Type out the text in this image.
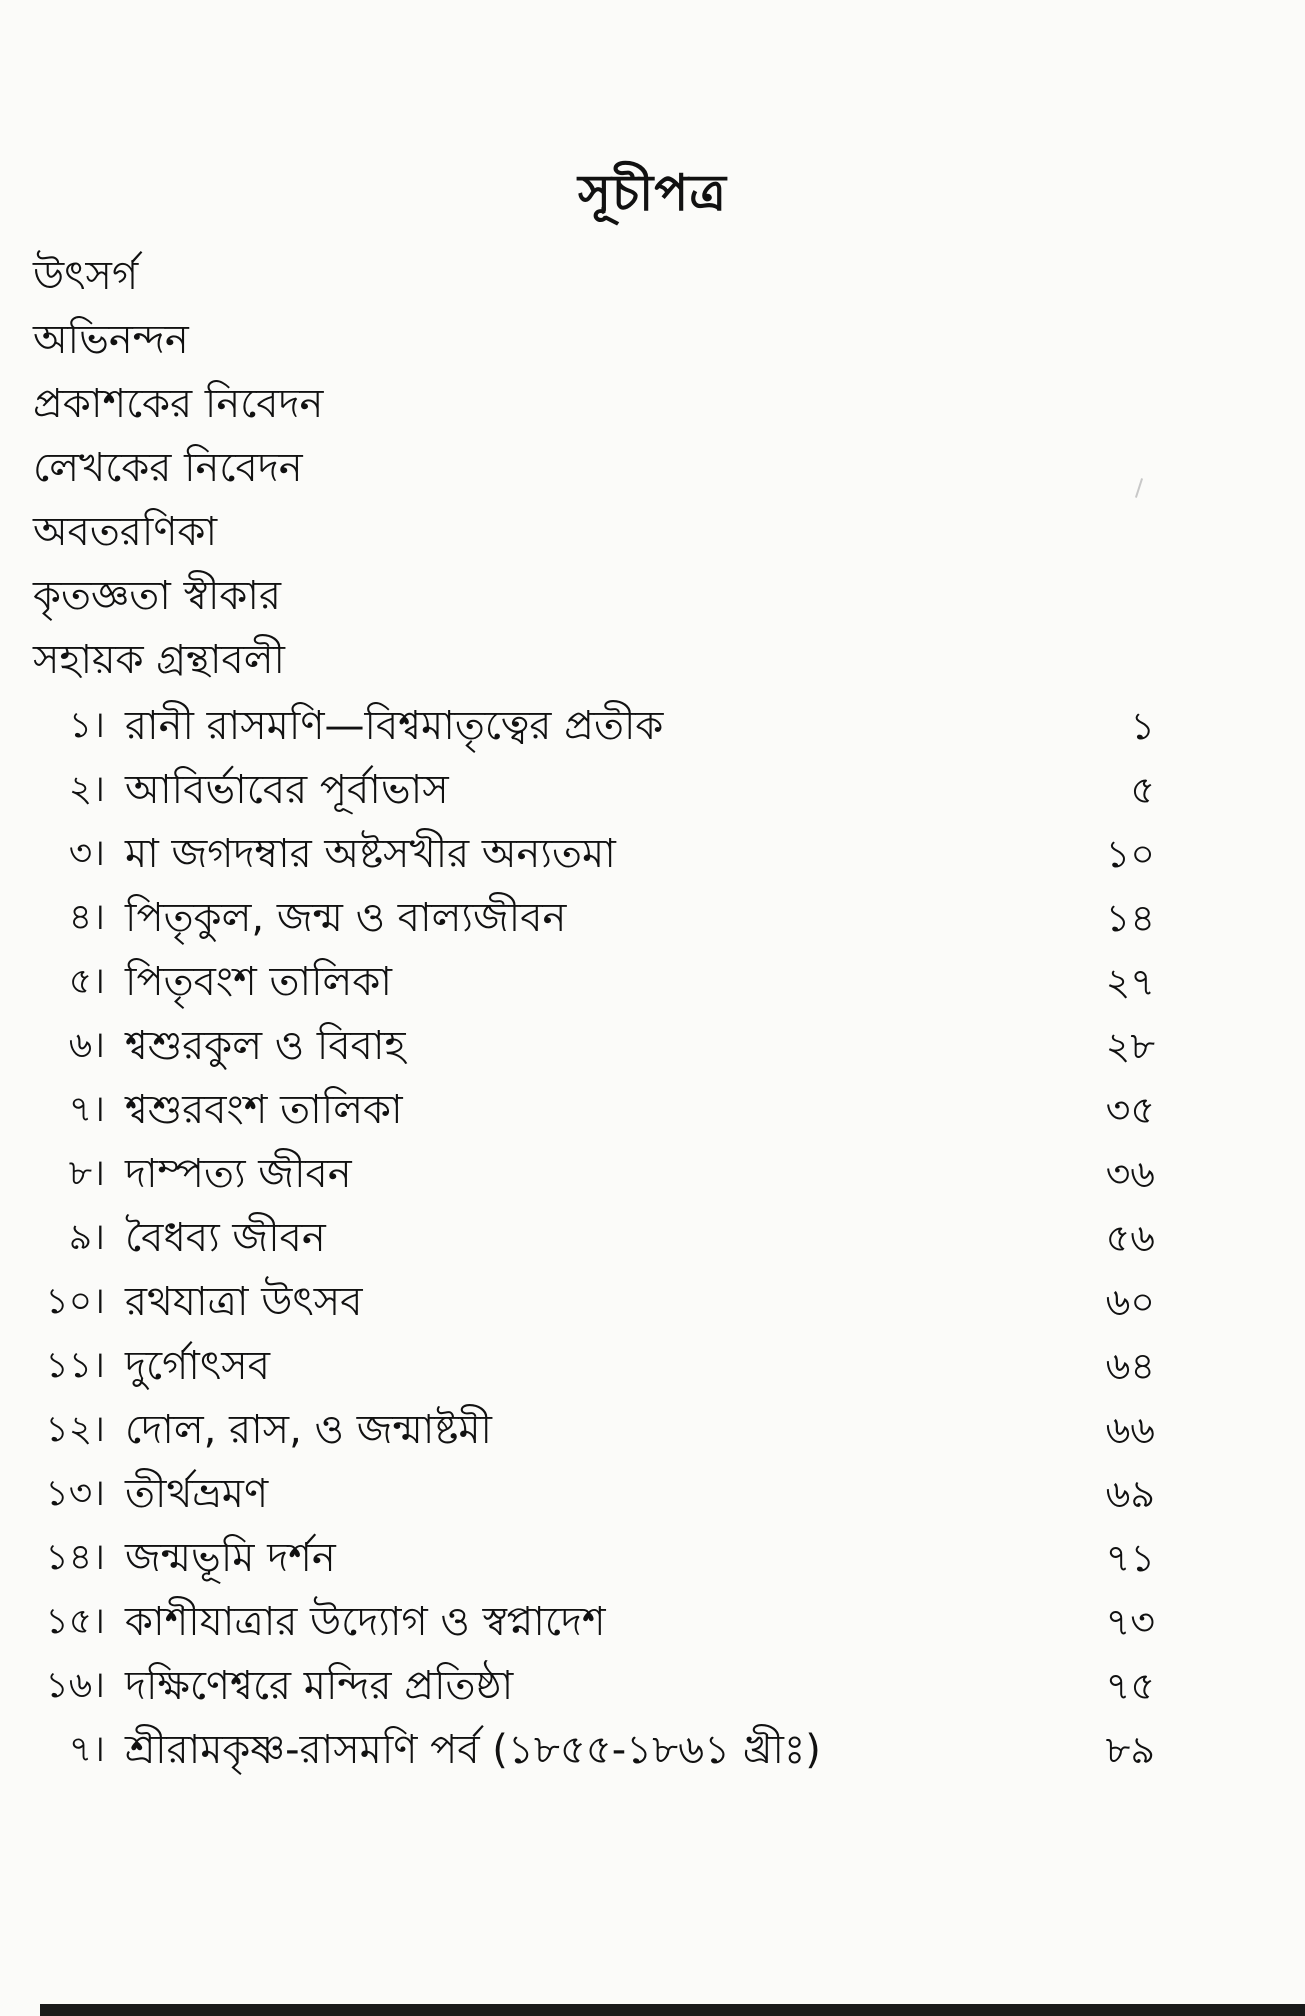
সূচীপত্র
উৎসর্গ
অভিনন্দন
প্রকাশকের নিবেদন
লেখকের নিবেদন
অবতরণিকা
কৃতজ্ঞতা স্বীকার
সহায়ক গ্রন্থাবলী
১। রানী রাসমণি—বিশ্বমাতৃত্বের প্রতীক	১
২। আবির্ভাবের পূর্বাভাস	৫
৩। মা জগদম্বার অষ্টসখীর অন্যতমা	১০
৪। পিতৃকুল, জন্ম ও বাল্যজীবন	১৪
৫। পিতৃবংশ তালিকা	২৭
৬। শ্বশুরকুল ও বিবাহ	২৮
৭। শ্বশুরবংশ তালিকা	৩৫
৮। দাম্পত্য জীবন	৩৬
৯। বৈধব্য জীবন	৫৬
১০। রথযাত্রা উৎসব	৬০
১১। দুর্গোৎসব	৬৪
১২। দোল, রাস, ও জন্মাষ্টমী	৬৬
১৩। তীর্থভ্রমণ	৬৯
১৪। জন্মভূমি দর্শন	৭১
১৫। কাশীযাত্রার উদ্যোগ ও স্বপ্নাদেশ	৭৩
১৬। দক্ষিণেশ্বরে মন্দির প্রতিষ্ঠা	৭৫
৭। শ্রীরামকৃষ্ণ-রাসমণি পর্ব (১৮৫৫-১৮৬১ খ্রীঃ)	৮৯
